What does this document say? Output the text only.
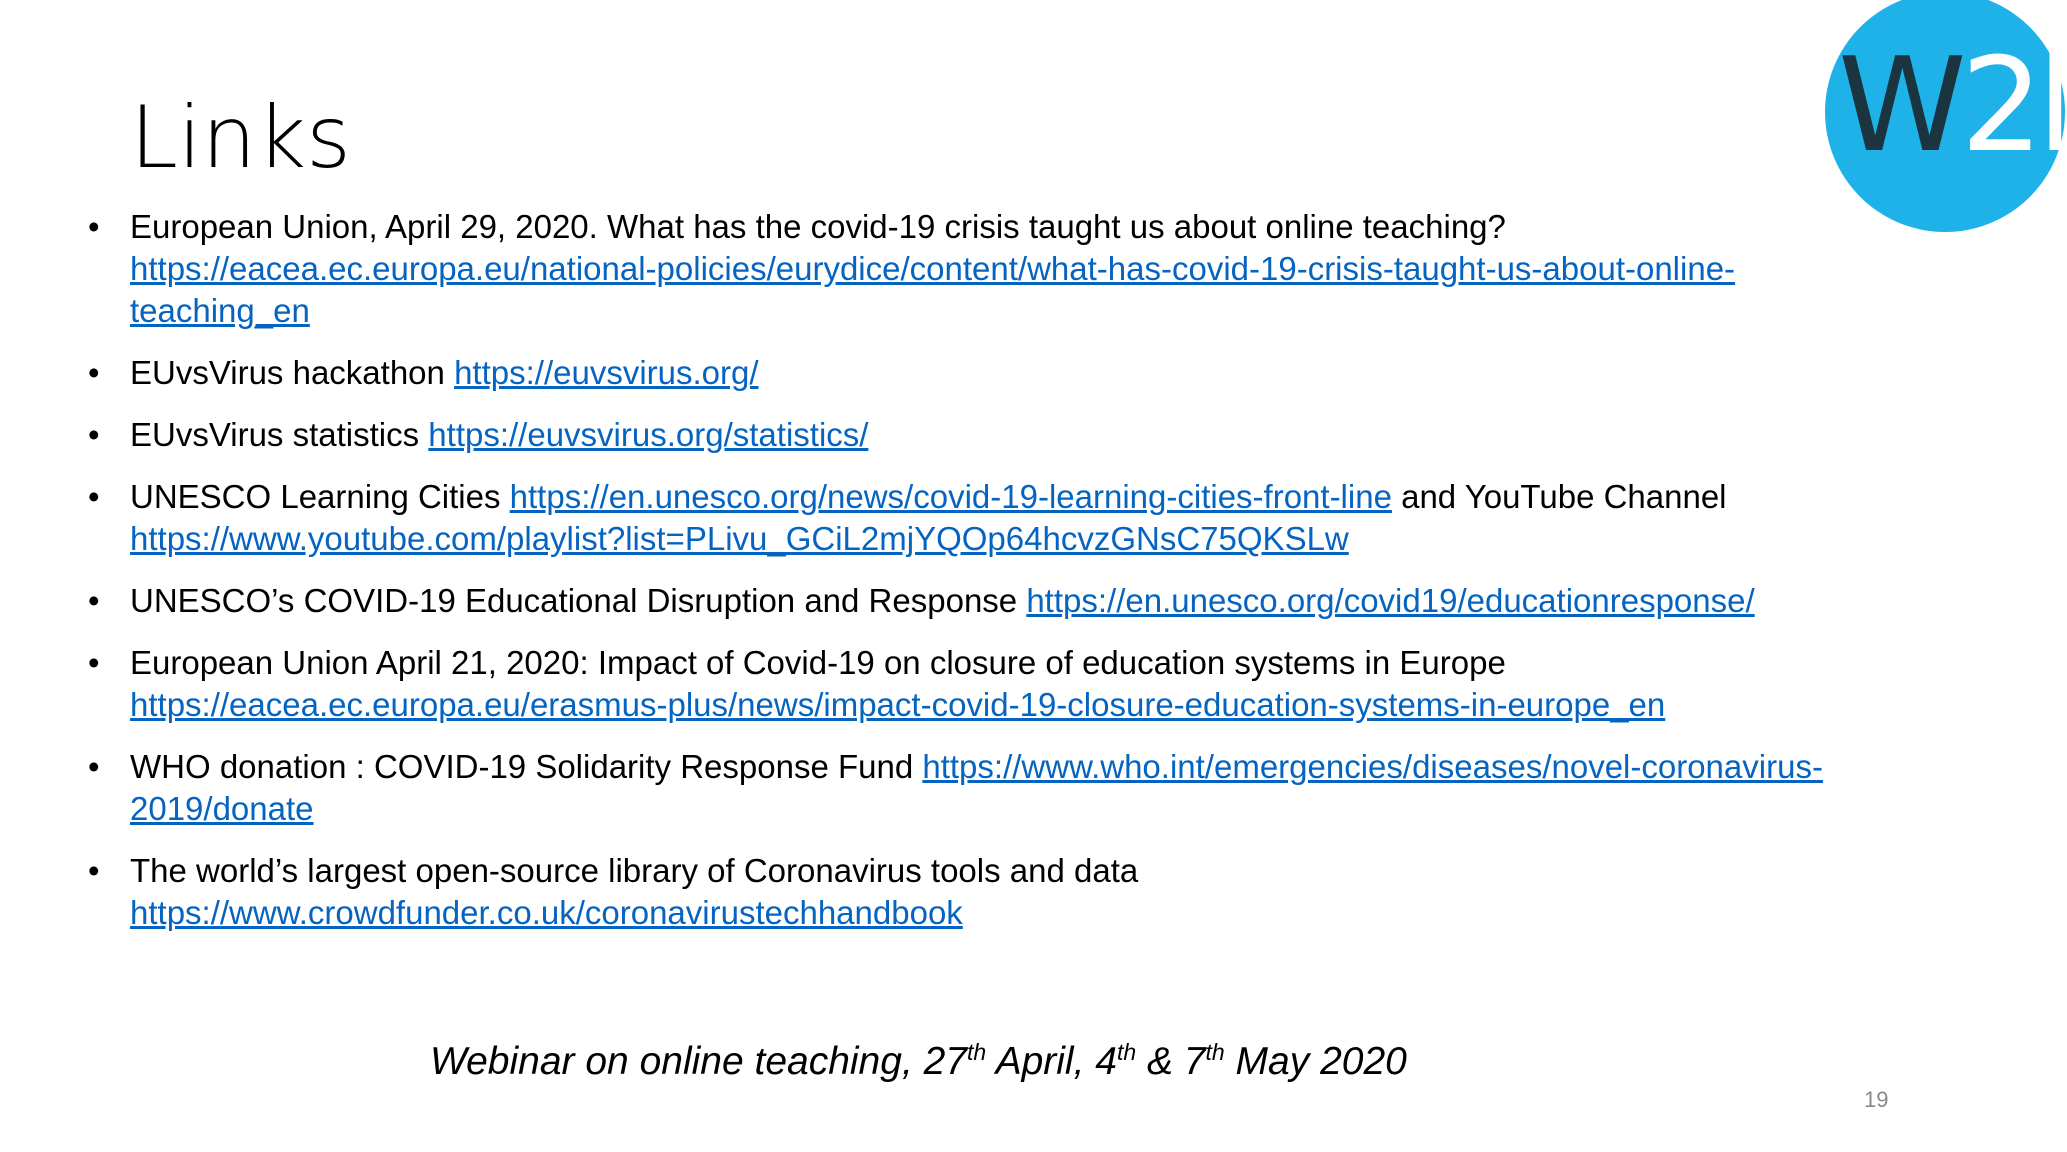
W2l
Links
• European Union, April 29, 2020. What has the covid-19 crisis taught us about online teaching?
https://eacea.ec.europa.eu/national-policies/eurydice/content/what-has-covid-19-crisis-taught-us-about-online-teaching_en
• EUvsVirus hackathon https://euvsvirus.org/
• EUvsVirus statistics https://euvsvirus.org/statistics/
• UNESCO Learning Cities https://en.unesco.org/news/covid-19-learning-cities-front-line and YouTube Channel
https://www.youtube.com/playlist?list=PLivu_GCiL2mjYQOp64hcvzGNsC75QKSLw
• UNESCO’s COVID-19 Educational Disruption and Response https://en.unesco.org/covid19/educationresponse/
• European Union April 21, 2020: Impact of Covid-19 on closure of education systems in Europe
https://eacea.ec.europa.eu/erasmus-plus/news/impact-covid-19-closure-education-systems-in-europe_en
• WHO donation : COVID-19 Solidarity Response Fund https://www.who.int/emergencies/diseases/novel-coronavirus-2019/donate
• The world’s largest open-source library of Coronavirus tools and data
https://www.crowdfunder.co.uk/coronavirustechhandbook
Webinar on online teaching, 27th April, 4th & 7th May 2020
19
